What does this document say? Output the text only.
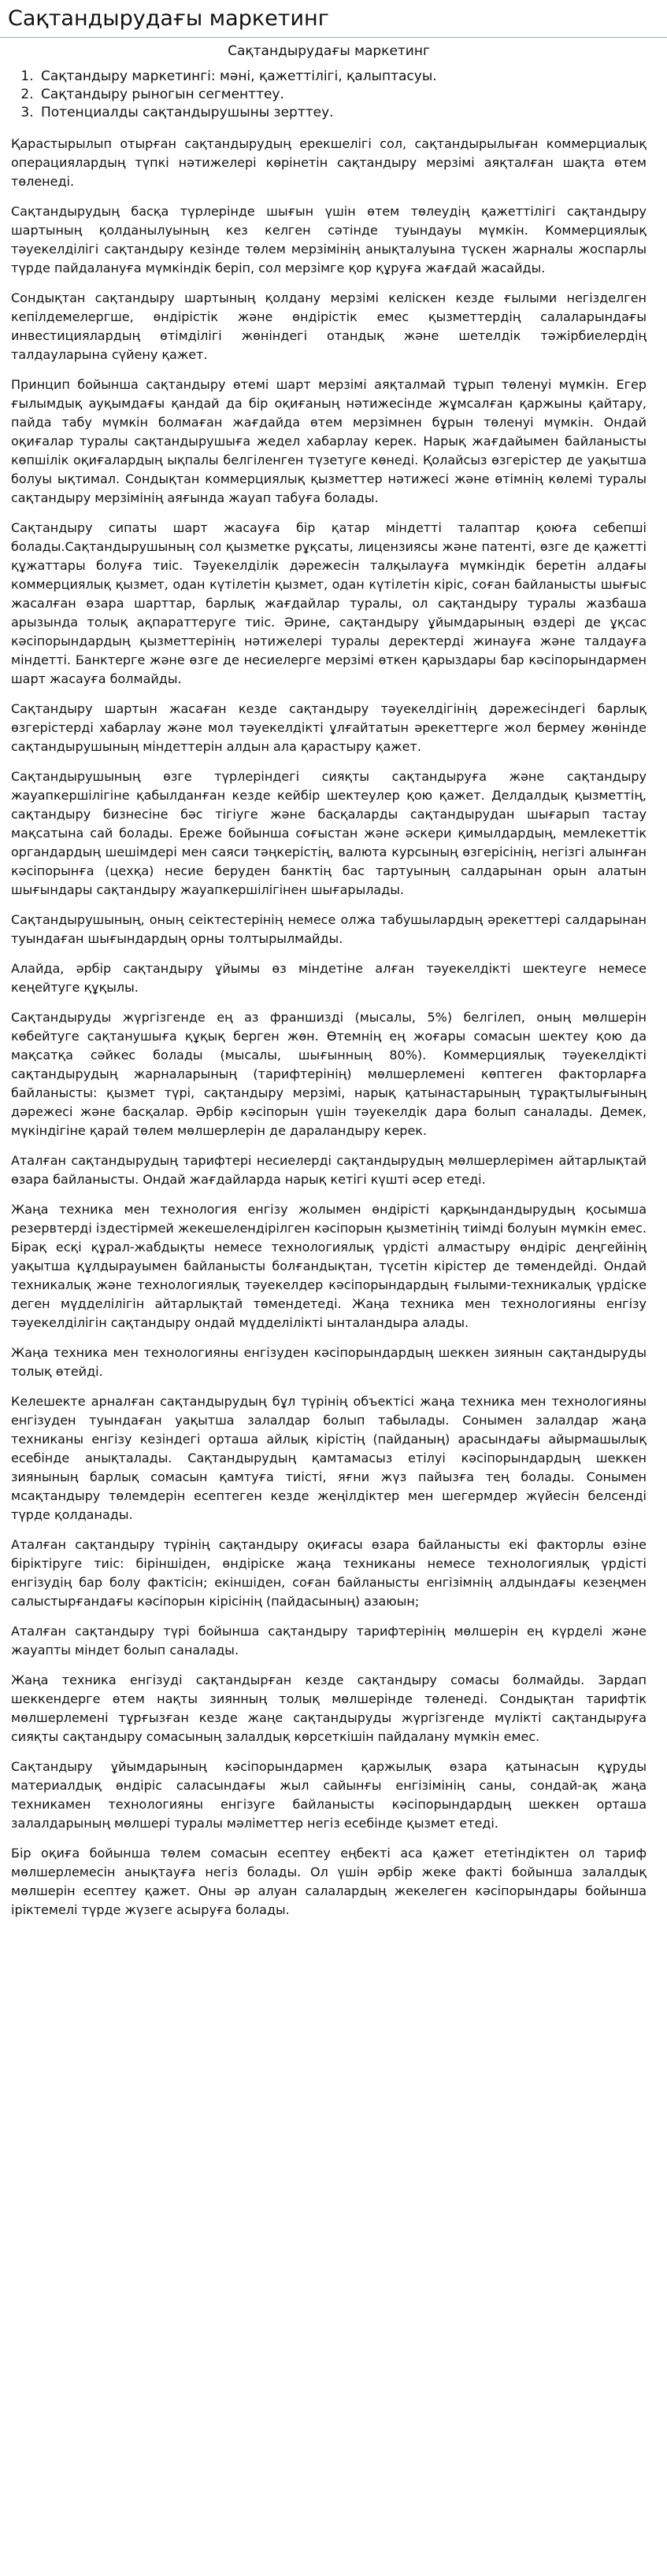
Сақтандырудағы маркетинг
Сақтандырудағы маркетинг
1. Сақтандыру маркетингі: мәні, қажеттілігі, қалыптасуы.
2. Сақтандыру рыногын сегменттеу.
3. Потенциалды сақтандырушыны зерттеу.

Қарастырылып отырған сақтандырудың ерекшелігі сол, сақтандырылыған коммерциалық операциялардың түпкі нәтижелері көрінетін сақтандыру мерзімі аяқталған шақта өтем төленеді.

Сақтандырудың басқа түрлерінде шығын үшін өтем төлеудің қажеттілігі сақтандыру шартының қолданылуының кез келген сәтінде туындауы мүмкін. Коммерциялық тәуекелділігі сақтандыру кезінде төлем мерзімінің анықталуына түскен жарналы жоспарлы түрде пайдалануға мүмкіндік беріп, сол мерзімге қор құруға жағдай жасайды.

Сондықтан сақтандыру шартының қолдану мерзімі келіскен кезде ғылыми негізделген кепілдемелергше, өндірістік және өндірістік емес қызметтердің салаларындағы инвестициялардың өтімділігі жөніндегі отандық және шетелдік тәжірбиелердің талдауларына сүйену қажет.

Принцип бойынша сақтандыру өтемі шарт мерзімі аяқталмай тұрып төленуі мүмкін. Егер ғылымдық ауқымдағы қандай да бір оқиғаның нәтижесінде жұмсалған қаржыны қайтару, пайда табу мүмкін болмаған жағдайда өтем мерзімнен бұрын төленуі мүмкін. Ондай оқиғалар туралы сақтандырушыға жедел хабарлау керек. Нарық жағдайымен байланысты көпшілік оқиғалардың ықпалы белгіленген түзетуге көнеді. Қолайсыз өзгерістер де уақытша болуы ықтимал. Сондықтан коммерциялық қызметтер нәтижесі және өтімнің көлемі туралы сақтандыру мерзімінің аяғында жауап табуға болады.

Сақтандыру сипаты шарт жасауға бір қатар міндетті талаптар қоюға себепші болады.Сақтандырушының сол қызметке рұқсаты, лицензиясы және патенті, өзге де қажетті құжаттары болуға тиіс. Тәуекелділік дәрежесін талқылауға мүмкіндік беретін алдағы коммерциялық қызмет, одан күтілетін қызмет, одан күтілетін кіріс, соған байланысты шығыс жасалған өзара шарттар, барлық жағдайлар туралы, ол сақтандыру туралы жазбаша арызында толық ақпараттеруге тиіс. Әрине, сақтандыру ұйымдарының өздері де ұқсас кәсіпорындардың қызметтерінің нәтижелері туралы деректерді жинауға және талдауға міндетті. Банктерге және өзге де несиелерге мерзімі өткен қарыздары бар кәсіпорындармен шарт жасауға болмайды.

Сақтандыру шартын жасаған кезде сақтандыру тәуекелдігінің дәрежесіндегі барлық өзгерістерді хабарлау және мол тәуекелдікті ұлғайтатын әрекеттерге жол бермеу жөнінде сақтандырушының міндеттерін алдын ала қарастыру қажет.

Сақтандырушының өзге түрлеріндегі сияқты сақтандыруға және сақтандыру жауапкершілігіне қабылданған кезде кейбір шектеулер қою қажет. Делдалдық қызметтің, сақтандыру бизнесіне бәс тігіуге және басқаларды сақтандырудан шығарып тастау мақсатына сай болады. Ереже бойынша соғыстан және әскери қимылдардың, мемлекеттік органдардың шешімдері мен саяси тәңкерістің, валюта курсының өзгерісінің, негізгі алынған кәсіпорынға (цехқа) несие беруден банктің бас тартуының салдарынан орын алатын шығындары сақтандыру жауапкершілігінен шығарылады.

Сақтандырушының, оның сеіктестерінің немесе олжа табушылардың әрекеттері салдарынан туындаған шығындардың орны толтырылмайды.

Алайда, әрбір сақтандыру ұйымы өз міндетіне алған тәуекелдікті шектеуге немесе кеңейтуге құқылы.

Сақтандыруды жүргізгенде ең аз франшизді (мысалы, 5%) белгілеп, оның мөлшерін көбейтуге сақтанушыға құқық берген жөн. Өтемнің ең жоғары сомасын шектеу қою да мақсатқа сәйкес болады (мысалы, шығынның 80%). Коммерциялық тәуекелдікті сақтандырудың жарналарының (тарифтерінің) мөлшерлемені көптеген факторларға байланысты: қызмет түрі, сақтандыру мерзімі, нарық қатынастарының тұрақтылығының дәрежесі және басқалар. Әрбір кәсіпорын үшін тәуекелдік дара болып саналады. Демек, мүкіндігіне қарай төлем мөлшерлерін де дараландыру керек.

Аталған сақтандырудың тарифтері несиелерді сақтандырудың мөлшерлерімен айтарлықтай өзара байланысты. Ондай жағдайларда нарық кетігі күшті әсер етеді.

Жаңа техника мен технология енгізу жолымен өндірісті қарқындандырудың қосымша резервтерді іздестірмей жекешелендірілген кәсіпорын қызметінің тиімді болуын мүмкін емес. Бірақ есқі құрал-жабдықты немесе технологиялық үрдісті алмастыру өндіріс деңгейінің уақытша құлдырауымен байланысты болғандықтан, түсетін кірістер де төмендейді. Ондай техникалық және технологиялық тәуекелдер кәсіпорындардың ғылыми-техникалық үрдіске деген мүдделілігін айтарлықтай төмендетеді. Жаңа техника мен технологияны енгізу тәуекелділігін сақтандыру ондай мүдделілікті ынталандыра алады.

Жаңа техника мен технологияны енгізуден кәсіпорындардың шеккен зиянын сақтандыруды толық өтейді.

Келешекте арналған сақтандырудың бұл түрінің объектісі жаңа техника мен технологияны енгізуден туындаған уақытша залалдар болып табылады. Сонымен залалдар жаңа техниканы енгізу кезіндегі орташа айлық кірістің (пайданың) арасындағы айырмашылық есебінде анықталады. Сақтандырудың қамтамасыз етілуі кәсіпорындардың шеккен зиянының барлық сомасын қамтуға тиісті, яғни жүз пайызға тең болады. Сонымен мсақтандыру төлемдерін есептеген кезде жеңілдіктер мен шегермдер жүйесін белсенді түрде қолданады.

Аталған сақтандыру түрінің сақтандыру оқиғасы өзара байланысты екі факторлы өзіне біріктіруге тиіс: біріншіден, өндіріске жаңа техниканы немесе технологиялық үрдісті енгізудің бар болу фактісін; екіншіден, соған байланысты енгізімнің алдындағы кезеңмен салыстырғандағы кәсіпорын кірісінің (пайдасының) азаюын;

Аталған сақтандыру түрі бойынша сақтандыру тарифтерінің мөлшерін ең күрделі және жауапты міндет болып саналады.

Жаңа техника енгізуді сақтандырған кезде сақтандыру сомасы болмайды. Зардап шеккендерге өтем нақты зиянның толық мөлшерінде төленеді. Сондықтан тарифтік мөлшерлемені тұрғызған кезде жаңе сақтандыруды жүргізгенде мүлікті сақтандыруға сияқты сақтандыру сомасының залалдық көрсеткішін пайдалану мүмкін емес.

Сақтандыру ұйымдарының кәсіпорындармен қаржылық өзара қатынасын құруды материалдық өндіріс саласындағы жыл сайынғы енгізімінің саны, сондай-ақ жаңа техникамен технологияны енгізуге байланысты кәсіпорындардың шеккен орташа залалдарының мөлшері туралы мәліметтер негіз есебінде қызмет етеді.

Бір оқиға бойынша төлем сомасын есептеу еңбекті аса қажет ететіндіктен ол тариф мөлшерлемесін анықтауға негіз болады. Ол үшін әрбір жеке факті бойынша залалдық мөлшерін есептеу қажет. Оны әр алуан салалардың жекелеген кәсіпорындары бойынша іріктемелі түрде жүзеге асыруға болады.
